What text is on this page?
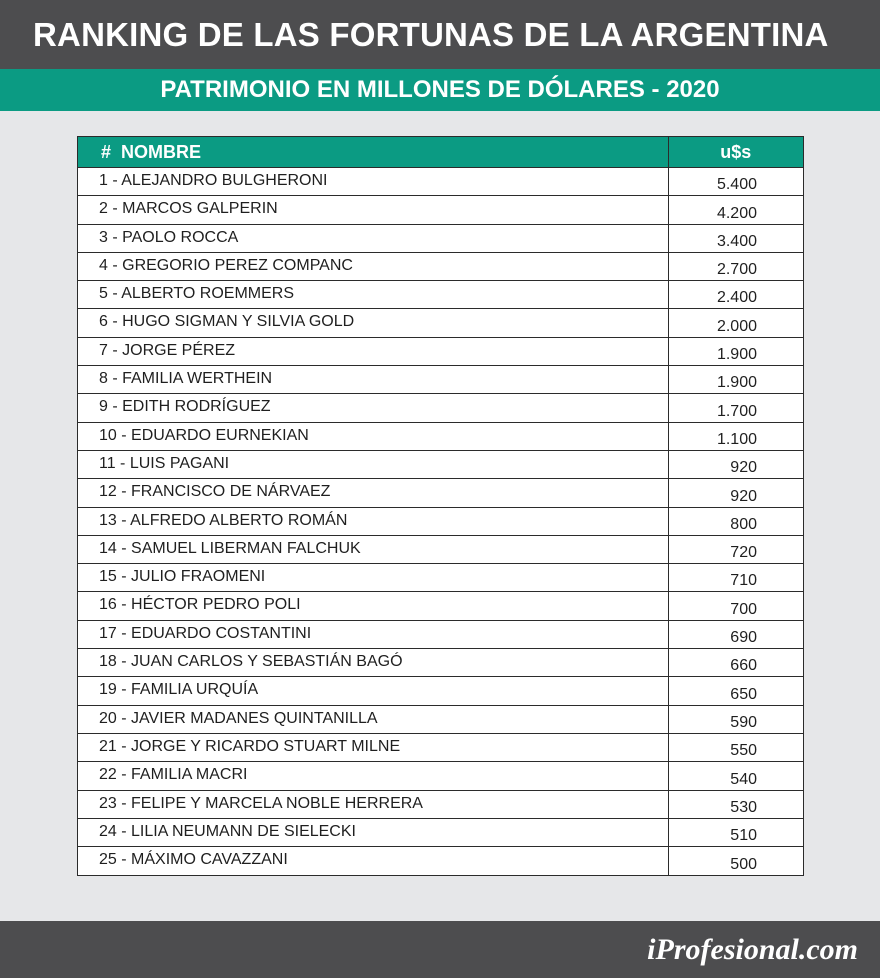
RANKING DE LAS FORTUNAS DE LA ARGENTINA
PATRIMONIO EN MILLONES DE DÓLARES - 2020
# NOMBRE	u$s
1 - ALEJANDRO BULGHERONI	5.400
2 - MARCOS GALPERIN	4.200
3 - PAOLO ROCCA	3.400
4 - GREGORIO PEREZ COMPANC	2.700
5 - ALBERTO ROEMMERS	2.400
6 - HUGO SIGMAN Y SILVIA GOLD	2.000
7 - JORGE PÉREZ	1.900
8 - FAMILIA WERTHEIN	1.900
9 - EDITH RODRÍGUEZ	1.700
10 - EDUARDO EURNEKIAN	1.100
11 - LUIS PAGANI	920
12 - FRANCISCO DE NÁRVAEZ	920
13 - ALFREDO ALBERTO ROMÁN	800
14 - SAMUEL LIBERMAN FALCHUK	720
15 - JULIO FRAOMENI	710
16 - HÉCTOR PEDRO POLI	700
17 - EDUARDO COSTANTINI	690
18 - JUAN CARLOS Y SEBASTIÁN BAGÓ	660
19 - FAMILIA URQUÍA	650
20 - JAVIER MADANES QUINTANILLA	590
21 - JORGE Y RICARDO STUART MILNE	550
22 - FAMILIA MACRI	540
23 - FELIPE Y MARCELA NOBLE HERRERA	530
24 - LILIA NEUMANN DE SIELECKI	510
25 - MÁXIMO CAVAZZANI	500
iProfesional.com
